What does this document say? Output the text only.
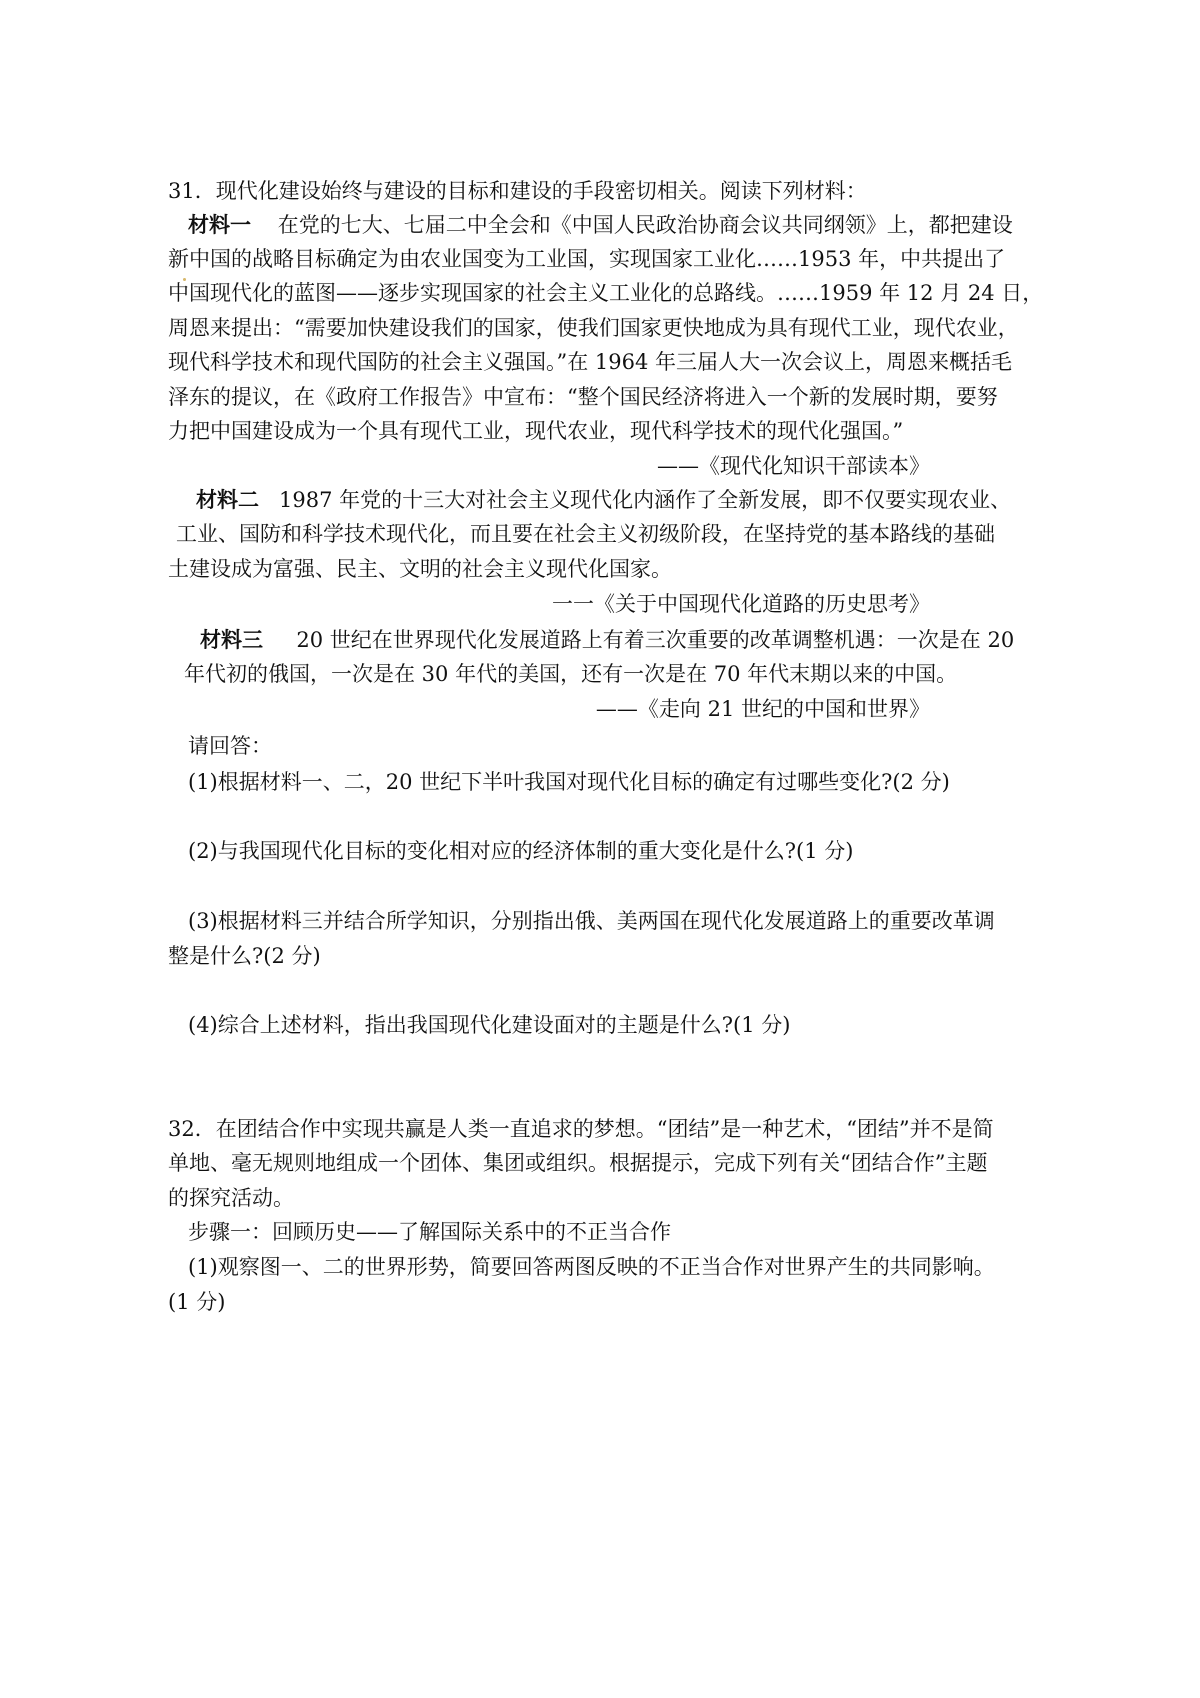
31．现代化建设始终与建设的目标和建设的手段密切相关。阅读下列材料：
材料一 在党的七大、七届二中全会和《中国人民政治协商会议共同纲领》上，都把建设
新中国的战略目标确定为由农业国变为工业国，实现国家工业化……1953 年，中共提出了
中国现代化的蓝图——逐步实现国家的社会主义工业化的总路线。……1959 年 12 月 24 日，
周恩来提出：“需要加快建设我们的国家，使我们国家更快地成为具有现代工业，现代农业，
现代科学技术和现代国防的社会主义强国。”在 1964 年三届人大一次会议上，周恩来概括毛
泽东的提议，在《政府工作报告》中宣布：“整个国民经济将进入一个新的发展时期，要努
力把中国建设成为一个具有现代工业，现代农业，现代科学技术的现代化强国。”
——《现代化知识干部读本》
材料二 1987 年党的十三大对社会主义现代化内涵作了全新发展，即不仅要实现农业、
工业、国防和科学技术现代化，而且要在社会主义初级阶段，在坚持党的基本路线的基础
土建设成为富强、民主、文明的社会主义现代化国家。
一一《关于中国现代化道路的历史思考》
材料三 20 世纪在世界现代化发展道路上有着三次重要的改革调整机遇：一次是在 20
年代初的俄国，一次是在 30 年代的美国，还有一次是在 70 年代末期以来的中国。
——《走向 21 世纪的中国和世界》
请回答：
(1)根据材料一、二，20 世纪下半叶我国对现代化目标的确定有过哪些变化?(2 分)
(2)与我国现代化目标的变化相对应的经济体制的重大变化是什么?(1 分)
(3)根据材料三并结合所学知识，分别指出俄、美两国在现代化发展道路上的重要改革调
整是什么?(2 分)
(4)综合上述材料，指出我国现代化建设面对的主题是什么?(1 分)
32．在团结合作中实现共赢是人类一直追求的梦想。“团结”是一种艺术，“团结”并不是简
单地、毫无规则地组成一个团体、集团或组织。根据提示，完成下列有关“团结合作”主题
的探究活动。
步骤一：回顾历史——了解国际关系中的不正当合作
(1)观察图一、二的世界形势，简要回答两图反映的不正当合作对世界产生的共同影响。
(1 分)
